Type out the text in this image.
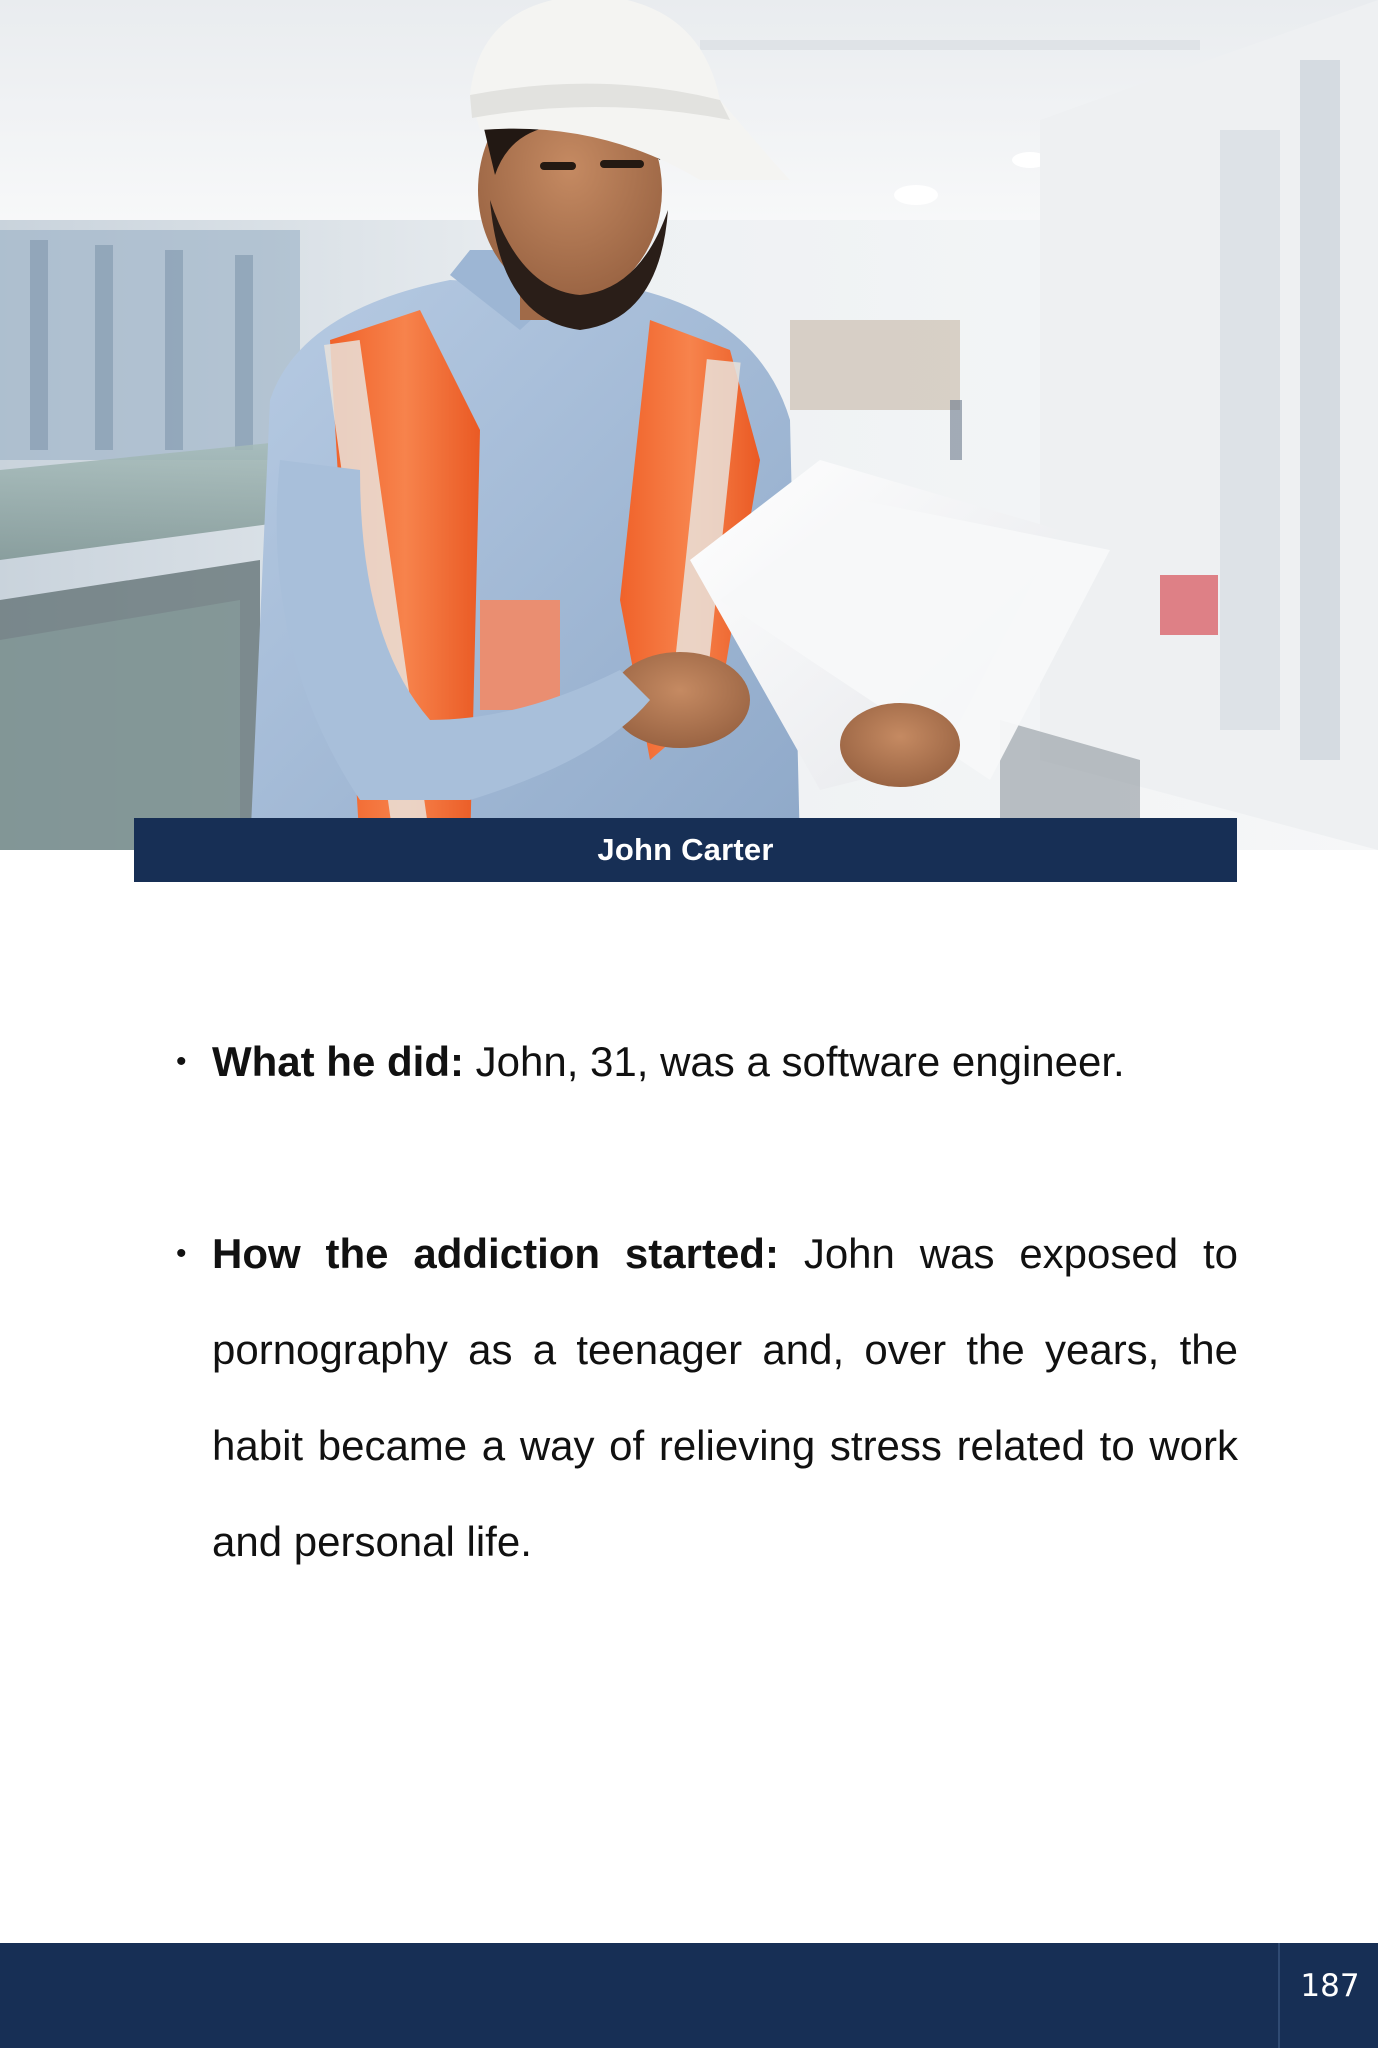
John Carter
• What he did: John, 31, was a software engineer.
• How the addiction started: John was exposed to pornography as a teenager and, over the years, the habit became a way of relieving stress related to work and personal life.
187
